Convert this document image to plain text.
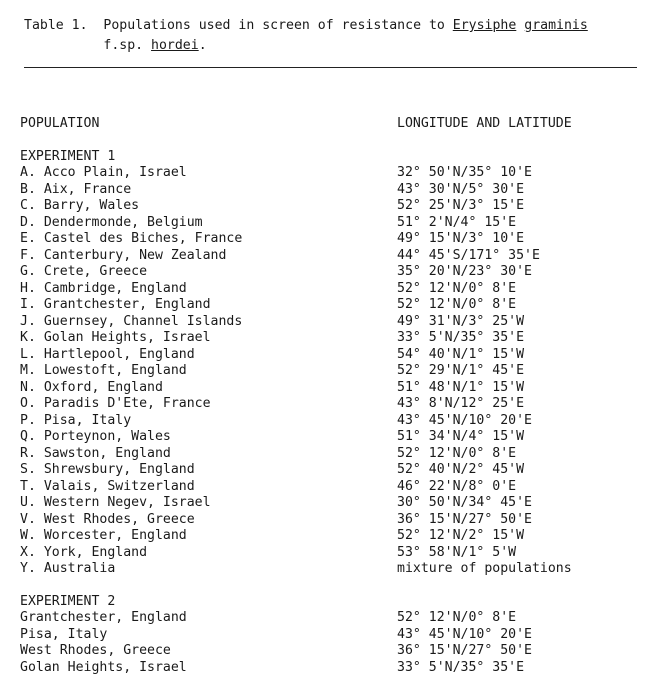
Table 1. Populations used in screen of resistance to Erysiphe graminis
f.sp. hordei.
POPULATION	LONGITUDE AND LATITUDE
EXPERIMENT 1
A. Acco Plain, Israel	32° 50'N/35° 10'E
B. Aix, France	43° 30'N/5° 30'E
C. Barry, Wales	52° 25'N/3° 15'E
D. Dendermonde, Belgium	51° 2'N/4° 15'E
E. Castel des Biches, France	49° 15'N/3° 10'E
F. Canterbury, New Zealand	44° 45'S/171° 35'E
G. Crete, Greece	35° 20'N/23° 30'E
H. Cambridge, England	52° 12'N/0° 8'E
I. Grantchester, England	52° 12'N/0° 8'E
J. Guernsey, Channel Islands	49° 31'N/3° 25'W
K. Golan Heights, Israel	33° 5'N/35° 35'E
L. Hartlepool, England	54° 40'N/1° 15'W
M. Lowestoft, England	52° 29'N/1° 45'E
N. Oxford, England	51° 48'N/1° 15'W
O. Paradis D'Ete, France	43° 8'N/12° 25'E
P. Pisa, Italy	43° 45'N/10° 20'E
Q. Porteynon, Wales	51° 34'N/4° 15'W
R. Sawston, England	52° 12'N/0° 8'E
S. Shrewsbury, England	52° 40'N/2° 45'W
T. Valais, Switzerland	46° 22'N/8° 0'E
U. Western Negev, Israel	30° 50'N/34° 45'E
V. West Rhodes, Greece	36° 15'N/27° 50'E
W. Worcester, England	52° 12'N/2° 15'W
X. York, England	53° 58'N/1° 5'W
Y. Australia	mixture of populations
EXPERIMENT 2
Grantchester, England	52° 12'N/0° 8'E
Pisa, Italy	43° 45'N/10° 20'E
West Rhodes, Greece	36° 15'N/27° 50'E
Golan Heights, Israel	33° 5'N/35° 35'E
